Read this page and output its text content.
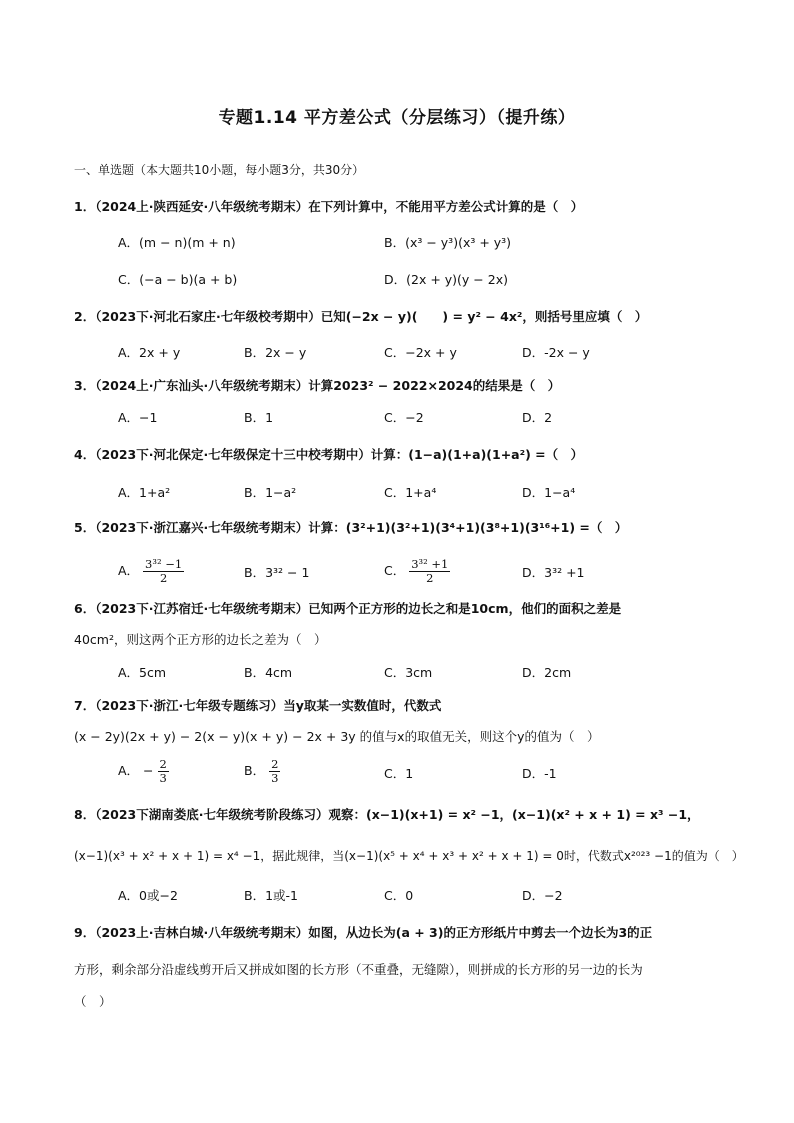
专题1.14 平方差公式（分层练习）（提升练）
一、单选题（本大题共10小题，每小题3分，共30分）
1．（2024上·陕西延安·八年级统考期末）在下列计算中，不能用平方差公式计算的是（　）
A．(m − n)(m + n)	B．(x³ − y³)(x³ + y³)
C．(−a − b)(a + b)	D．(2x + y)(y − 2x)
2．（2023下·河北石家庄·七年级校考期中）已知(−2x − y)(　　) = y² − 4x²，则括号里应填（　）
A．2x + y	B．2x − y	C．−2x + y	D．-2x − y
3．（2024上·广东汕头·八年级统考期末）计算2023² − 2022×2024的结果是（　）
A．−1	B．1	C．−2	D．2
4．（2023下·河北保定·七年级保定十三中校考期中）计算：(1−a)(1+a)(1+a²) =（　）
A．1+a²	B．1−a²	C．1+a⁴	D．1−a⁴
5．（2023下·浙江嘉兴·七年级统考期末）计算：(3²+1)(3²+1)(3⁴+1)(3⁸+1)(3¹⁶+1) =（　）
A． $\frac{\text{3³² −1}}{2}$	B．3³² − 1	C． $\frac{\text{3³² +1}}{2}$	D．3³² +1
6．（2023下·江苏宿迁·七年级统考期末）已知两个正方形的边长之和是10cm，他们的面积之差是
40cm²，则这两个正方形的边长之差为（　）
A．5cm	B．4cm	C．3cm	D．2cm
7．（2023下·浙江·七年级专题练习）当y取某一实数值时，代数式
(x − 2y)(2x + y) − 2(x − y)(x + y) − 2x + 3y 的值与x的取值无关，则这个y的值为（　）
A． − $\frac{2}{3}$	B． $\frac{2}{3}$	C．1	D．-1
8．（2023下湖南娄底·七年级统考阶段练习）观察：(x−1)(x+1) = x² −1，(x−1)(x² + x + 1) = x³ −1，
(x−1)(x³ + x² + x + 1) = x⁴ −1，据此规律，当(x−1)(x⁵ + x⁴ + x³ + x² + x + 1) = 0时，代数式x²⁰²³ −1的值为（　）
A．0或−2	B．1或-1	C．0	D．−2
9．（2023上·吉林白城·八年级统考期末）如图，从边长为(a + 3)的正方形纸片中剪去一个边长为3的正
方形，剩余部分沿虚线剪开后又拼成如图的长方形（不重叠，无缝隙），则拼成的长方形的另一边的长为
（　）
